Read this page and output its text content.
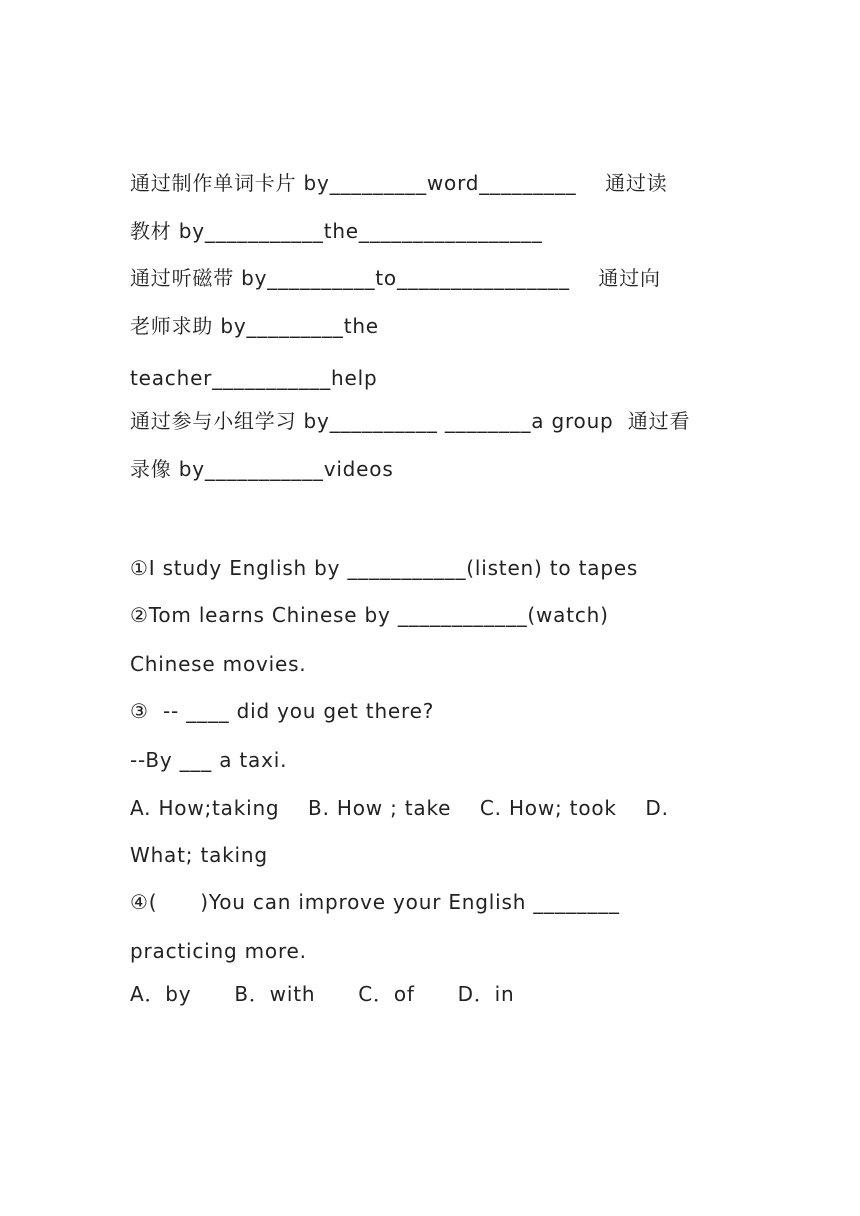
通过制作单词卡片 by_________word_________    通过读
教材 by___________the_________________
通过听磁带 by__________to________________    通过向
老师求助 by_________the
teacher___________help
通过参与小组学习 by__________ ________a group  通过看
录像 by___________videos
①I study English by ___________(listen) to tapes
②Tom learns Chinese by ____________(watch)
Chinese movies.
③  -- ____ did you get there?
--By ___ a taxi.
A. How;taking    B. How ; take    C. How; took    D.
What; taking
④(      )You can improve your English ________
practicing more.
A．by      B．with      C．of      D．in
